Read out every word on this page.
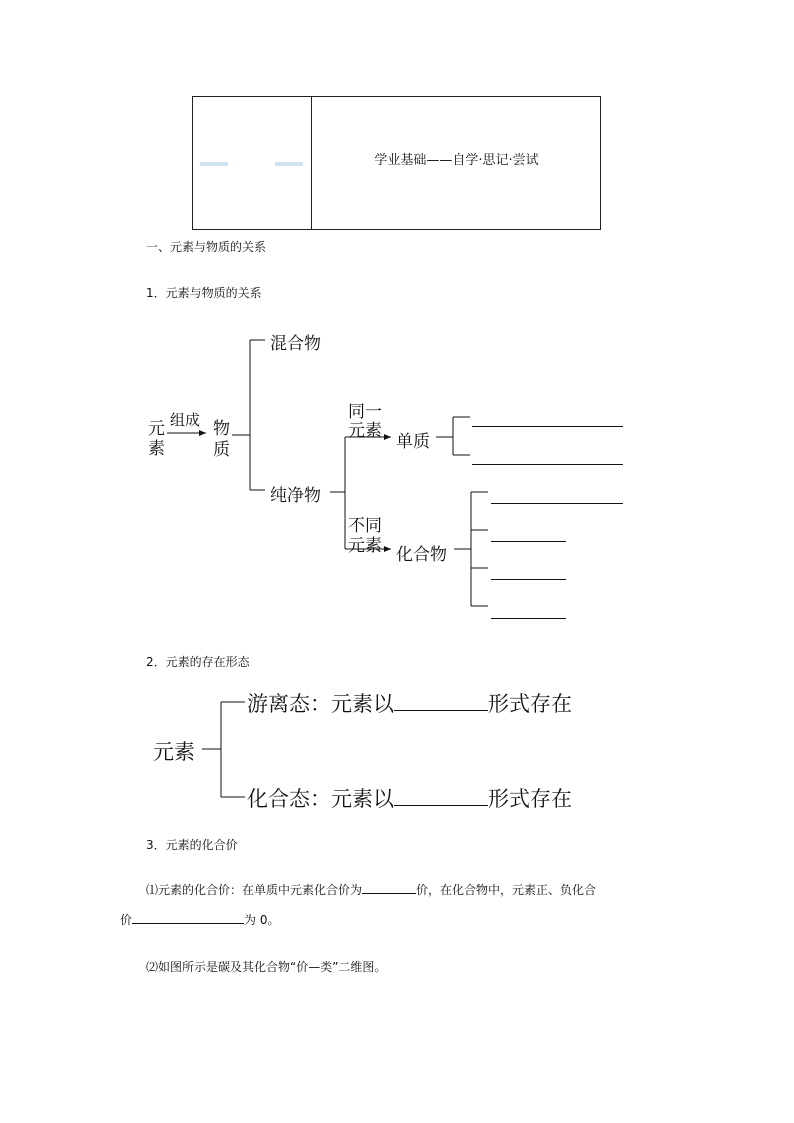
学业基础——自学·思记·尝试
一、元素与物质的关系
1．元素与物质的关系
元
素
组成 物
质
混合物
纯净物
同一
元素
单质
不同
元素 化合物
2．元素的存在形态
元素
游离态：元素以	形式存在
化合态：元素以	形式存在
3．元素的化合价
⑴元素的化合价：在单质中元素化合价为	价，在化合物中，元素正、负化合
价	为 0。
⑵如图所示是碳及其化合物“价—类”二维图。
